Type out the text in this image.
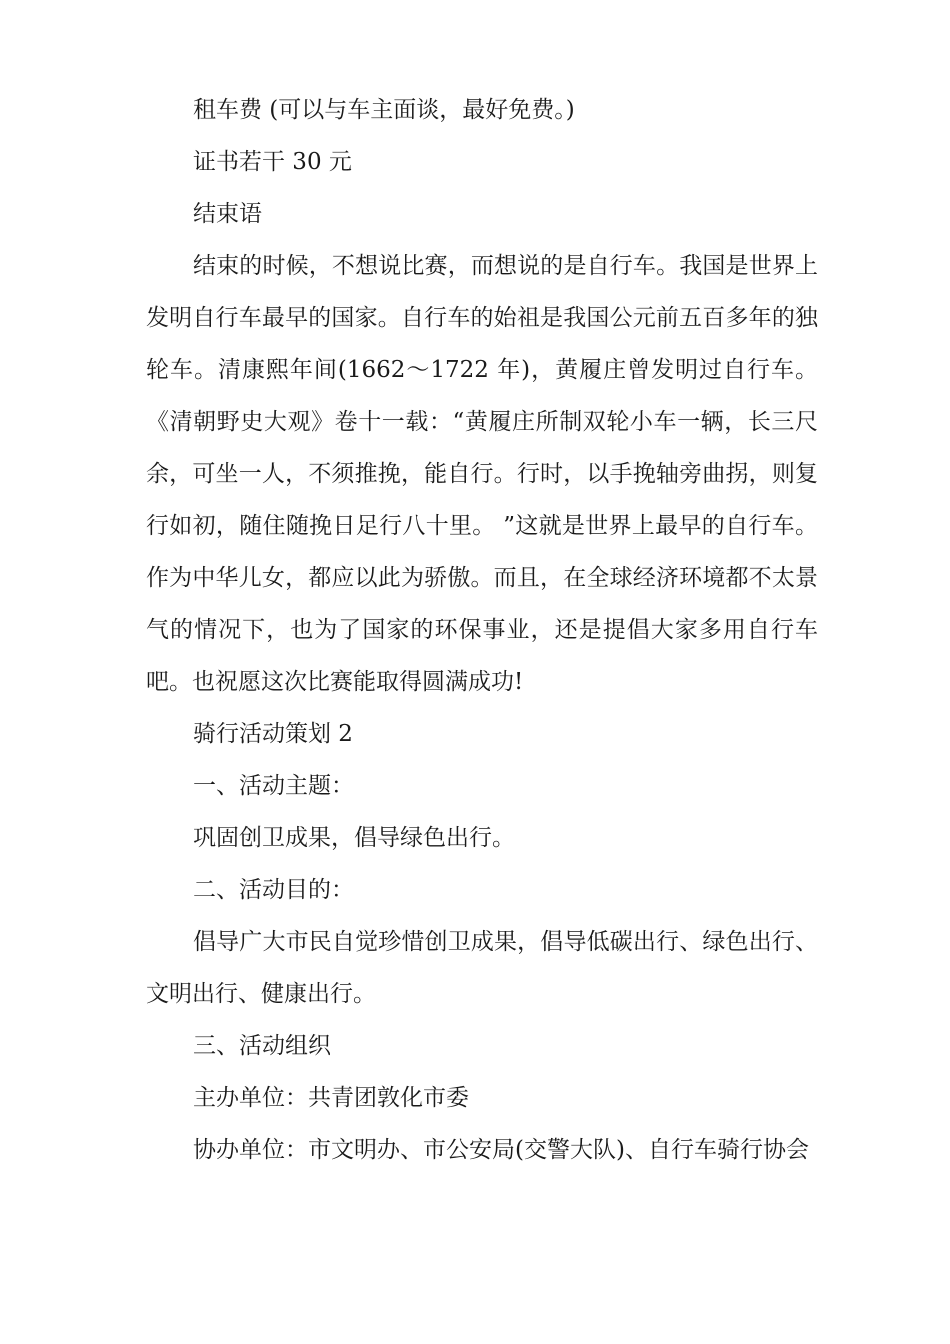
租车费 (可以与车主面谈，最好免费。)

证书若干 30 元

结束语

结束的时候，不想说比赛，而想说的是自行车。我国是世界上发明自行车最早的国家。自行车的始祖是我国公元前五百多年的独轮车。清康熙年间(1662～1722 年)，黄履庄曾发明过自行车。《清朝野史大观》卷十一载：“黄履庄所制双轮小车一辆，长三尺余，可坐一人，不须推挽，能自行。行时，以手挽轴旁曲拐，则复行如初，随住随挽日足行八十里。 ”这就是世界上最早的自行车。作为中华儿女，都应以此为骄傲。而且，在全球经济环境都不太景气的情况下，也为了国家的环保事业，还是提倡大家多用自行车吧。也祝愿这次比赛能取得圆满成功!

骑行活动策划 2

一、活动主题：

巩固创卫成果，倡导绿色出行。

二、活动目的：

倡导广大市民自觉珍惜创卫成果，倡导低碳出行、绿色出行、文明出行、健康出行。

三、活动组织

主办单位：共青团敦化市委

协办单位：市文明办、市公安局(交警大队)、自行车骑行协会
